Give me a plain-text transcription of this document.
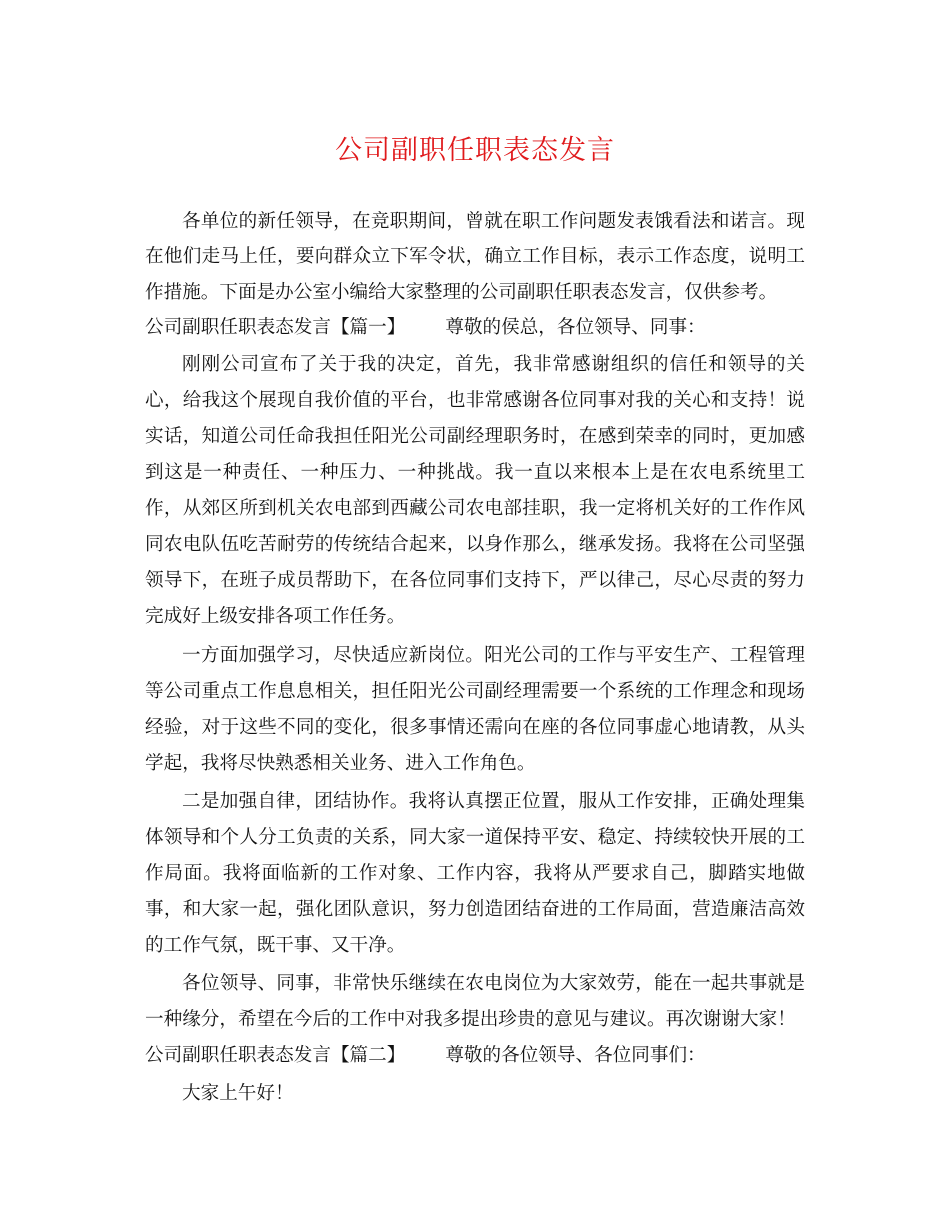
公司副职任职表态发言
各单位的新任领导，在竞职期间，曾就在职工作问题发表饿看法和诺言。现
在他们走马上任，要向群众立下军令状，确立工作目标，表示工作态度，说明工
作措施。下面是办公室小编给大家整理的公司副职任职表态发言，仅供参考。
公司副职任职表态发言【篇一】 尊敬的侯总，各位领导、同事：
刚刚公司宣布了关于我的决定，首先，我非常感谢组织的信任和领导的关
心，给我这个展现自我价值的平台，也非常感谢各位同事对我的关心和支持！说
实话，知道公司任命我担任阳光公司副经理职务时，在感到荣幸的同时，更加感
到这是一种责任、一种压力、一种挑战。我一直以来根本上是在农电系统里工
作，从郊区所到机关农电部到西藏公司农电部挂职，我一定将机关好的工作作风
同农电队伍吃苦耐劳的传统结合起来，以身作那么，继承发扬。我将在公司坚强
领导下，在班子成员帮助下，在各位同事们支持下，严以律己，尽心尽责的努力
完成好上级安排各项工作任务。
一方面加强学习，尽快适应新岗位。阳光公司的工作与平安生产、工程管理
等公司重点工作息息相关，担任阳光公司副经理需要一个系统的工作理念和现场
经验，对于这些不同的变化，很多事情还需向在座的各位同事虚心地请教，从头
学起，我将尽快熟悉相关业务、进入工作角色。
二是加强自律，团结协作。我将认真摆正位置，服从工作安排，正确处理集
体领导和个人分工负责的关系，同大家一道保持平安、稳定、持续较快开展的工
作局面。我将面临新的工作对象、工作内容，我将从严要求自己，脚踏实地做
事，和大家一起，强化团队意识，努力创造团结奋进的工作局面，营造廉洁高效
的工作气氛，既干事、又干净。
各位领导、同事，非常快乐继续在农电岗位为大家效劳，能在一起共事就是
一种缘分，希望在今后的工作中对我多提出珍贵的意见与建议。再次谢谢大家！
公司副职任职表态发言【篇二】 尊敬的各位领导、各位同事们：
大家上午好！
